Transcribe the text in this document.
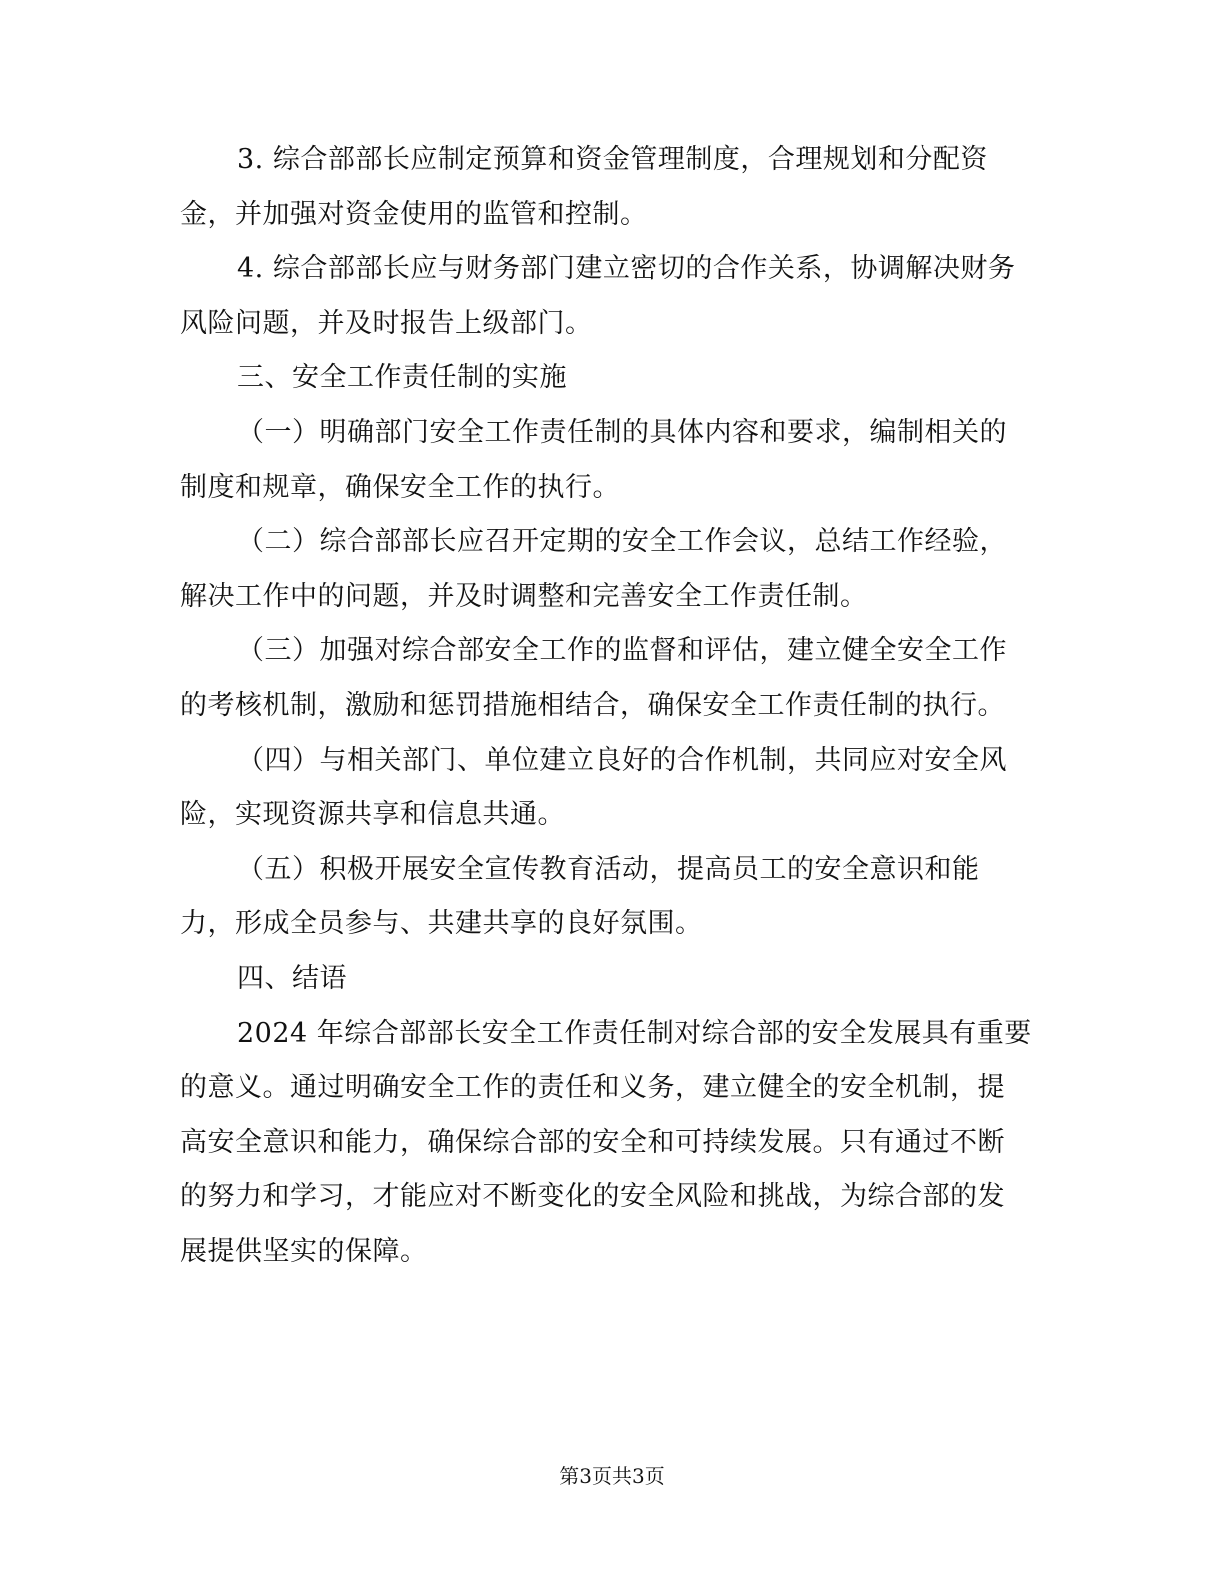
3. 综合部部长应制定预算和资金管理制度，合理规划和分配资
金，并加强对资金使用的监管和控制。
4. 综合部部长应与财务部门建立密切的合作关系，协调解决财务
风险问题，并及时报告上级部门。
三、安全工作责任制的实施
（一）明确部门安全工作责任制的具体内容和要求，编制相关的
制度和规章，确保安全工作的执行。
（二）综合部部长应召开定期的安全工作会议，总结工作经验，
解决工作中的问题，并及时调整和完善安全工作责任制。
（三）加强对综合部安全工作的监督和评估，建立健全安全工作
的考核机制，激励和惩罚措施相结合，确保安全工作责任制的执行。
（四）与相关部门、单位建立良好的合作机制，共同应对安全风
险，实现资源共享和信息共通。
（五）积极开展安全宣传教育活动，提高员工的安全意识和能
力，形成全员参与、共建共享的良好氛围。
四、结语
2024 年综合部部长安全工作责任制对综合部的安全发展具有重要
的意义。通过明确安全工作的责任和义务，建立健全的安全机制，提
高安全意识和能力，确保综合部的安全和可持续发展。只有通过不断
的努力和学习，才能应对不断变化的安全风险和挑战，为综合部的发
展提供坚实的保障。
第3页共3页
